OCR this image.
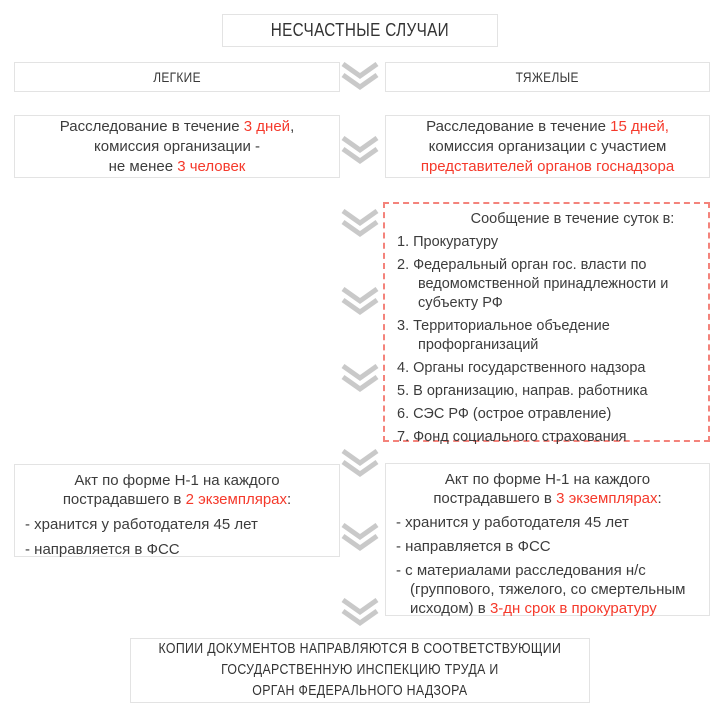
НЕСЧАСТНЫЕ СЛУЧАИ
ЛЕГКИЕ	ТЯЖЕЛЫЕ
Расследование в течение 3 дней,
комиссия организации -
не менее 3 человек
Расследование в течение 15 дней,
комиссия организации с участием
представителей органов госнадзора
Сообщение в течение суток в:
1. Прокуратуру
2. Федеральный орган гос. власти по ведомомственной принадлежности и субъекту РФ
3. Территориальное объедение профорганизаций
4. Органы государственного надзора
5. В организацию, направ. работника
6. СЭС РФ (острое отравление)
7. Фонд социального страхования
Акт по форме Н-1 на каждого
пострадавшего в 2 экземплярах:
- хранится у работодателя 45 лет
- направляется в ФСС
Акт по форме Н-1 на каждого
пострадавшего в 3 экземплярах:
- хранится у работодателя 45 лет
- направляется в ФСС
- с материалами расследования н/с (группового, тяжелого, со смертельным исходом) в 3-дн срок в прокуратуру
КОПИИ ДОКУМЕНТОВ НАПРАВЛЯЮТСЯ В СООТВЕТСТВУЮЩИИ
ГОСУДАРСТВЕННУЮ ИНСПЕКЦИЮ ТРУДА И
ОРГАН ФЕДЕРАЛЬНОГО НАДЗОРА
